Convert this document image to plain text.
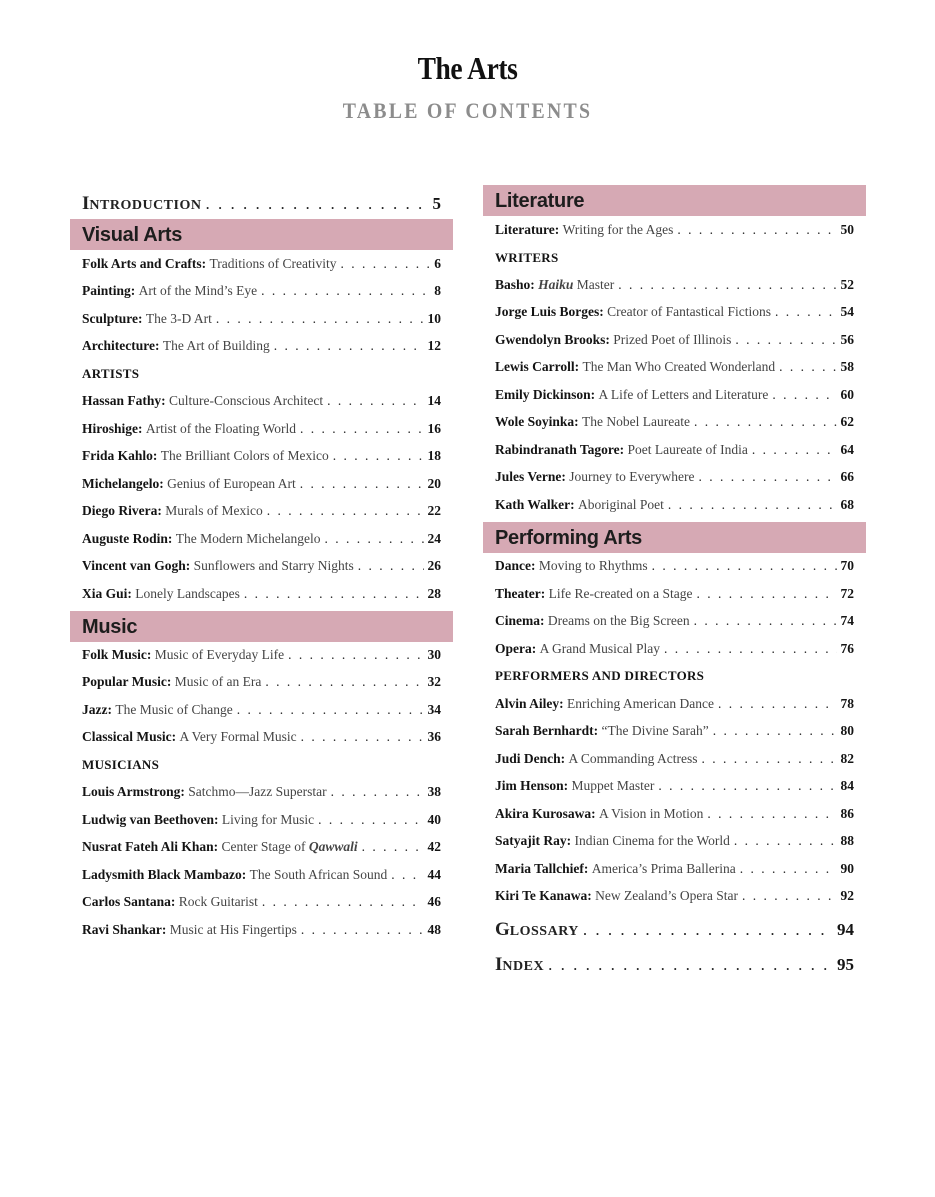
The Arts
TABLE OF CONTENTS
INTRODUCTION . . .	5
Visual Arts
Folk Arts and Crafts: Traditions of Creativity . . .	6
Painting: Art of the Mind’s Eye . . .	8
Sculpture: The 3-D Art . . .	10
Architecture: The Art of Building . . .	12
ARTISTS
Hassan Fathy: Culture-Conscious Architect . . .	14
Hiroshige: Artist of the Floating World . . .	16
Frida Kahlo: The Brilliant Colors of Mexico . . .	18
Michelangelo: Genius of European Art . . .	20
Diego Rivera: Murals of Mexico . . .	22
Auguste Rodin: The Modern Michelangelo . . .	24
Vincent van Gogh: Sunflowers and Starry Nights . . .	26
Xia Gui: Lonely Landscapes . . .	28
Music
Folk Music: Music of Everyday Life . . .	30
Popular Music: Music of an Era . . .	32
Jazz: The Music of Change . . .	34
Classical Music: A Very Formal Music . . .	36
MUSICIANS
Louis Armstrong: Satchmo—Jazz Superstar . . .	38
Ludwig van Beethoven: Living for Music . . .	40
Nusrat Fateh Ali Khan: Center Stage of Qawwali . . .	42
Ladysmith Black Mambazo: The South African Sound . . .	44
Carlos Santana: Rock Guitarist . . .	46
Ravi Shankar: Music at His Fingertips . . .	48
Literature
Literature: Writing for the Ages . . .	50
WRITERS
Basho: Haiku Master . . .	52
Jorge Luis Borges: Creator of Fantastical Fictions . . .	54
Gwendolyn Brooks: Prized Poet of Illinois . . .	56
Lewis Carroll: The Man Who Created Wonderland . . .	58
Emily Dickinson: A Life of Letters and Literature . . .	60
Wole Soyinka: The Nobel Laureate . . .	62
Rabindranath Tagore: Poet Laureate of India . . .	64
Jules Verne: Journey to Everywhere . . .	66
Kath Walker: Aboriginal Poet . . .	68
Performing Arts
Dance: Moving to Rhythms . . .	70
Theater: Life Re-created on a Stage . . .	72
Cinema: Dreams on the Big Screen . . .	74
Opera: A Grand Musical Play . . .	76
PERFORMERS AND DIRECTORS
Alvin Ailey: Enriching American Dance . . .	78
Sarah Bernhardt: “The Divine Sarah” . . .	80
Judi Dench: A Commanding Actress . . .	82
Jim Henson: Muppet Master . . .	84
Akira Kurosawa: A Vision in Motion . . .	86
Satyajit Ray: Indian Cinema for the World . . .	88
Maria Tallchief: America’s Prima Ballerina . . .	90
Kiri Te Kanawa: New Zealand’s Opera Star . . .	92
GLOSSARY . . .	94
INDEX . . .	95
